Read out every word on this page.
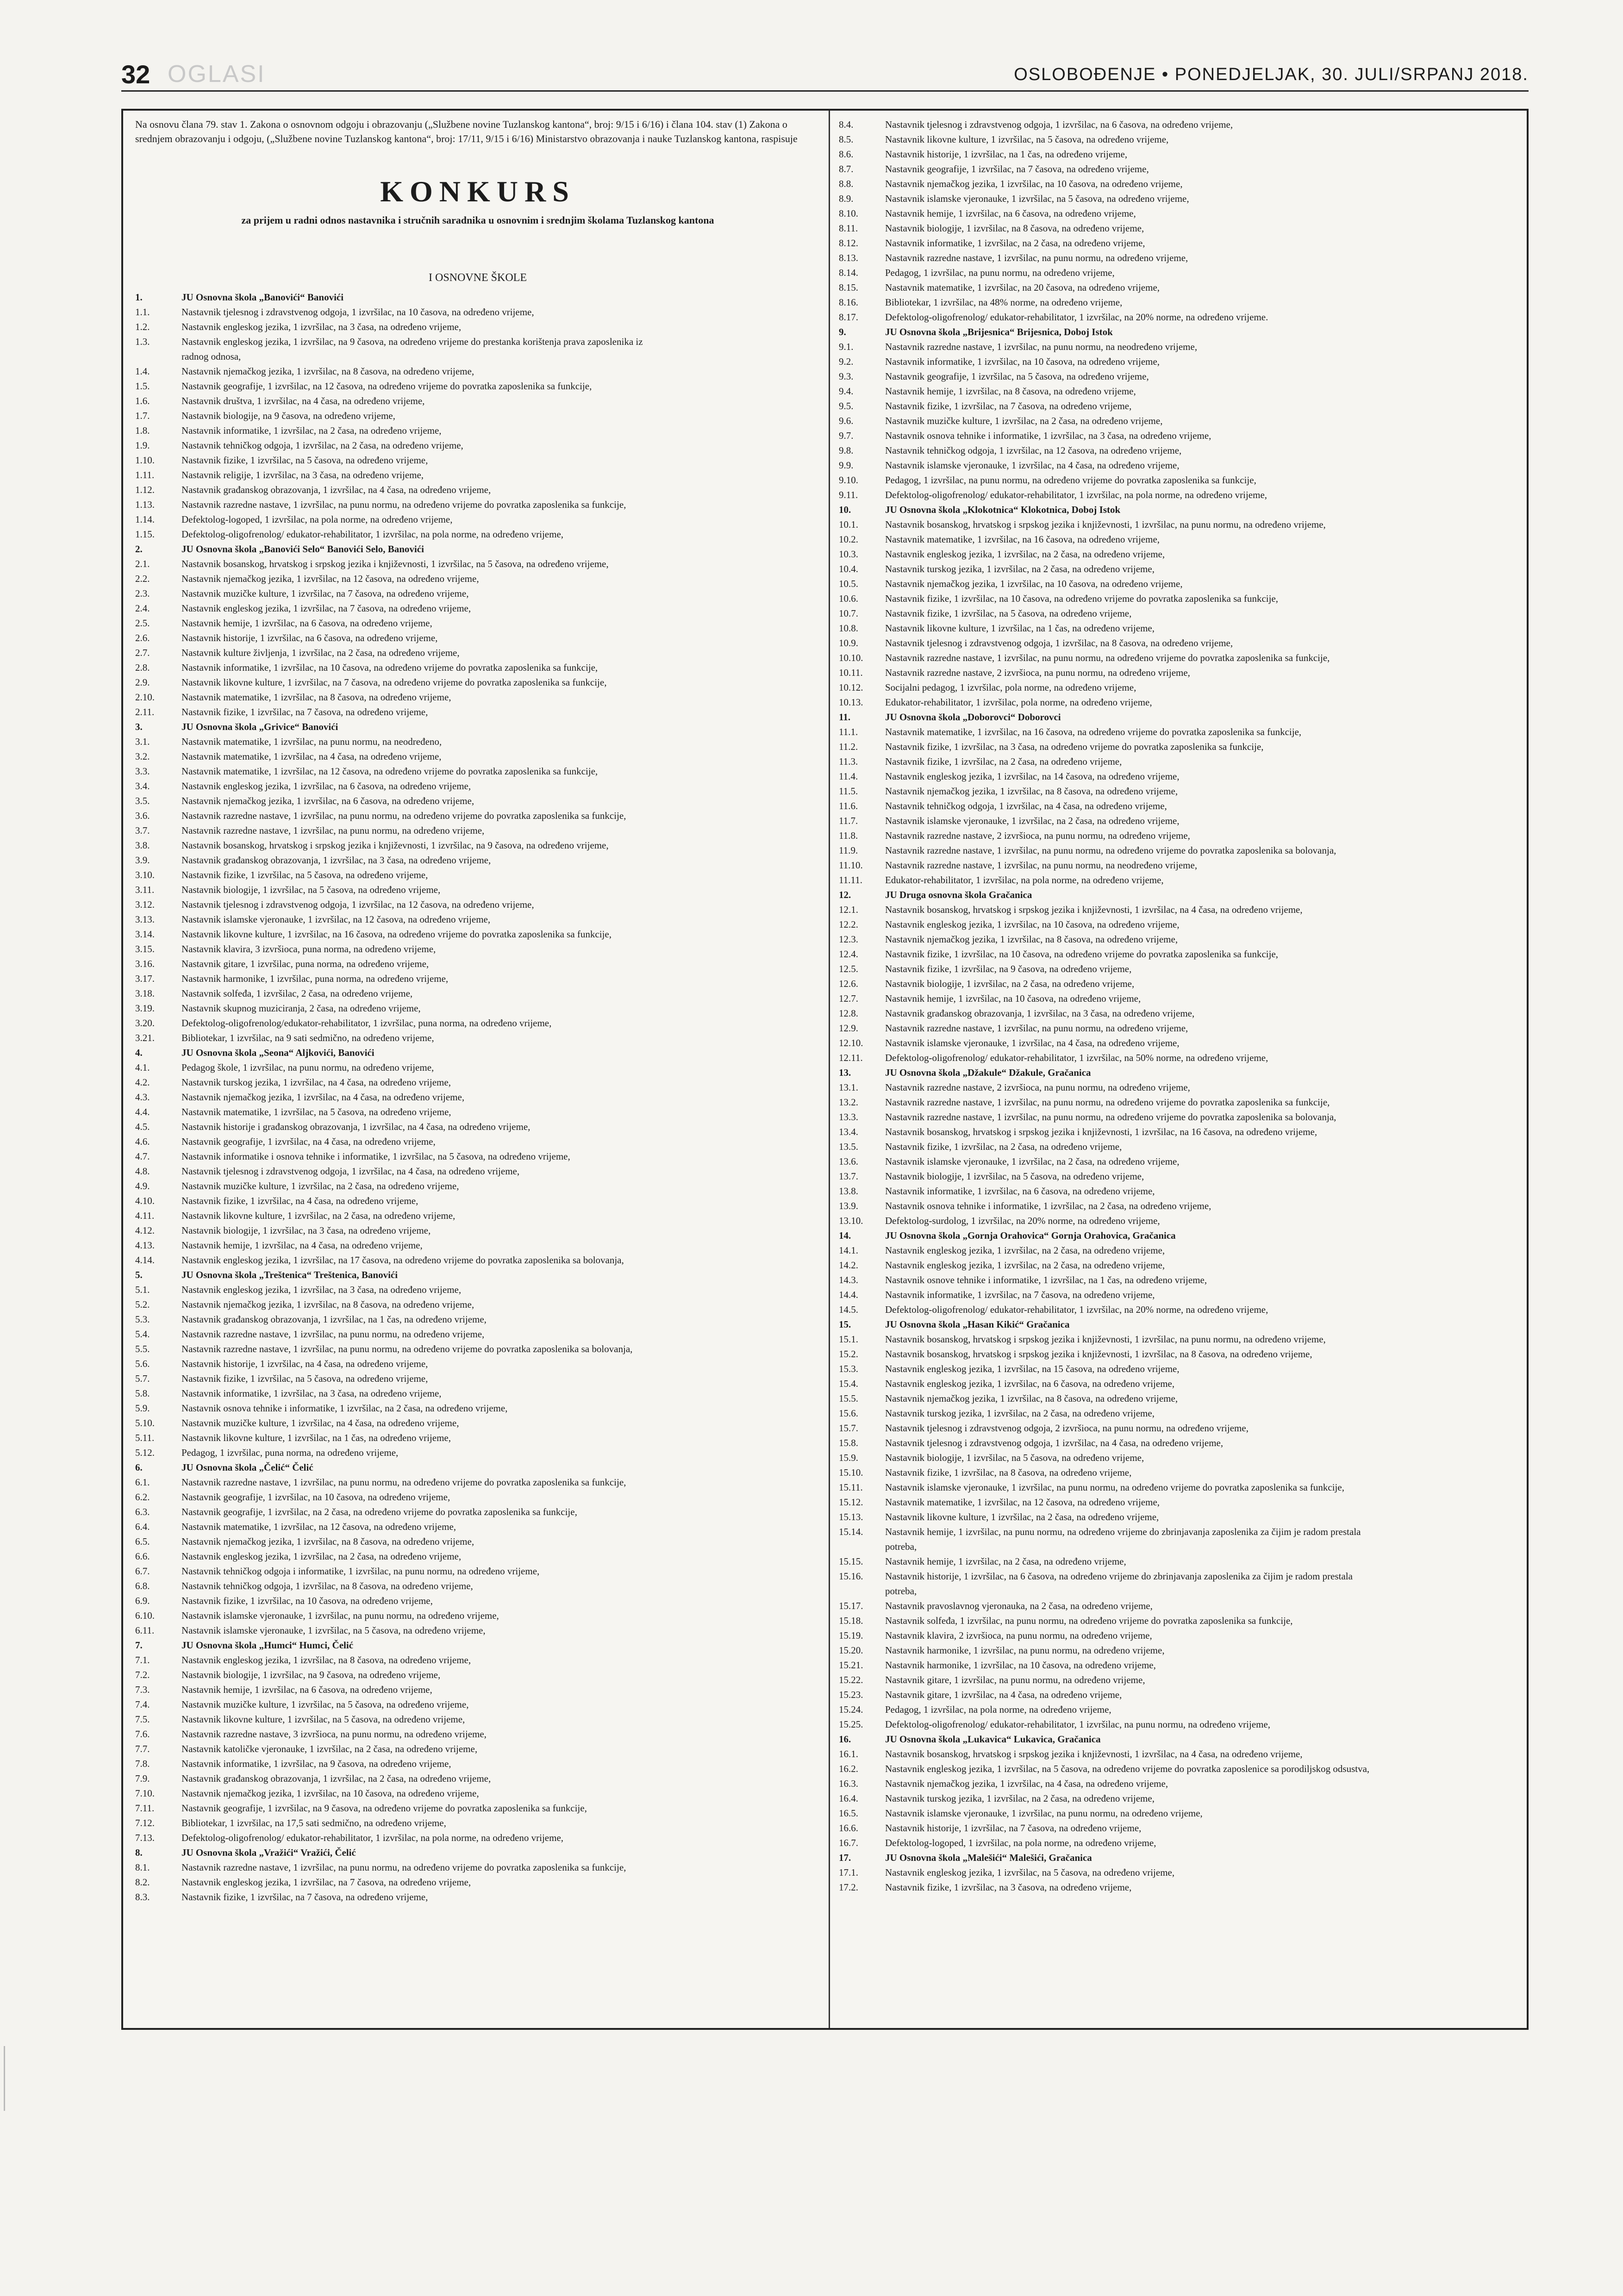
32 OGLASI	OSLOBOĐENJE • PONEDJELJAK, 30. JULI/SRPANJ 2018.

Na osnovu člana 79. stav 1. Zakona o osnovnom odgoju i obrazovanju („Službene novine Tuzlanskog kantona“, broj: 9/15 i 6/16) i člana 104. stav (1) Zakona o srednjem obrazovanju i odgoju, („Službene novine Tuzlanskog kantona“, broj: 17/11, 9/15 i 6/16) Ministarstvo obrazovanja i nauke Tuzlanskog kantona, raspisuje

KONKURS
za prijem u radni odnos nastavnika i stručnih saradnika u osnovnim i srednjim školama Tuzlanskog kantona
I OSNOVNE ŠKOLE
1.	JU Osnovna škola „Banovići“ Banovići
1.1.	Nastavnik tjelesnog i zdravstvenog odgoja, 1 izvršilac, na 10 časova, na određeno vrijeme,
1.2.	Nastavnik engleskog jezika, 1 izvršilac, na 3 časa, na određeno vrijeme,
1.3.	Nastavnik engleskog jezika, 1 izvršilac, na 9 časova, na određeno vrijeme do prestanka korištenja prava zaposlenika iz
radnog odnosa,
1.4.	Nastavnik njemačkog jezika, 1 izvršilac, na 8 časova, na određeno vrijeme,
1.5.	Nastavnik geografije, 1 izvršilac, na 12 časova, na određeno vrijeme do povratka zaposlenika sa funkcije,
1.6.	Nastavnik društva, 1 izvršilac, na 4 časa, na određeno vrijeme,
1.7.	Nastavnik biologije, na 9 časova, na određeno vrijeme,
1.8.	Nastavnik informatike, 1 izvršilac, na 2 časa, na određeno vrijeme,
1.9.	Nastavnik tehničkog odgoja, 1 izvršilac, na 2 časa, na određeno vrijeme,
1.10.	Nastavnik fizike, 1 izvršilac, na 5 časova, na određeno vrijeme,
1.11.	Nastavnik religije, 1 izvršilac, na 3 časa, na određeno vrijeme,
1.12.	Nastavnik građanskog obrazovanja, 1 izvršilac, na 4 časa, na određeno vrijeme,
1.13.	Nastavnik razredne nastave, 1 izvršilac, na punu normu, na određeno vrijeme do povratka zaposlenika sa funkcije,
1.14.	Defektolog-logoped, 1 izvršilac, na pola norme, na određeno vrijeme,
1.15.	Defektolog-oligofrenolog/ edukator-rehabilitator, 1 izvršilac, na pola norme, na određeno vrijeme,
2.	JU Osnovna škola „Banovići Selo“ Banovići Selo, Banovići
2.1.	Nastavnik bosanskog, hrvatskog i srpskog jezika i književnosti, 1 izvršilac, na 5 časova, na određeno vrijeme,
2.2.	Nastavnik njemačkog jezika, 1 izvršilac, na 12 časova, na određeno vrijeme,
2.3.	Nastavnik muzičke kulture, 1 izvršilac, na 7 časova, na određeno vrijeme,
2.4.	Nastavnik engleskog jezika, 1 izvršilac, na 7 časova, na određeno vrijeme,
2.5.	Nastavnik hemije, 1 izvršilac, na 6 časova, na određeno vrijeme,
2.6.	Nastavnik historije, 1 izvršilac, na 6 časova, na određeno vrijeme,
2.7.	Nastavnik kulture življenja, 1 izvršilac, na 2 časa, na određeno vrijeme,
2.8.	Nastavnik informatike, 1 izvršilac, na 10 časova, na određeno vrijeme do povratka zaposlenika sa funkcije,
2.9.	Nastavnik likovne kulture, 1 izvršilac, na 7 časova, na određeno vrijeme do povratka zaposlenika sa funkcije,
2.10.	Nastavnik matematike, 1 izvršilac, na 8 časova, na određeno vrijeme,
2.11.	Nastavnik fizike, 1 izvršilac, na 7 časova, na određeno vrijeme,
3.	JU Osnovna škola „Grivice“ Banovići
3.1.	Nastavnik matematike, 1 izvršilac, na punu normu, na neodređeno,
3.2.	Nastavnik matematike, 1 izvršilac, na 4 časa, na određeno vrijeme,
3.3.	Nastavnik matematike, 1 izvršilac, na 12 časova, na određeno vrijeme do povratka zaposlenika sa funkcije,
3.4.	Nastavnik engleskog jezika, 1 izvršilac, na 6 časova, na određeno vrijeme,
3.5.	Nastavnik njemačkog jezika, 1 izvršilac, na 6 časova, na određeno vrijeme,
3.6.	Nastavnik razredne nastave, 1 izvršilac, na punu normu, na određeno vrijeme do povratka zaposlenika sa funkcije,
3.7.	Nastavnik razredne nastave, 1 izvršilac, na punu normu, na određeno vrijeme,
3.8.	Nastavnik bosanskog, hrvatskog i srpskog jezika i književnosti, 1 izvršilac, na 9 časova, na određeno vrijeme,
3.9.	Nastavnik građanskog obrazovanja, 1 izvršilac, na 3 časa, na određeno vrijeme,
3.10.	Nastavnik fizike, 1 izvršilac, na 5 časova, na određeno vrijeme,
3.11.	Nastavnik biologije, 1 izvršilac, na 5 časova, na određeno vrijeme,
3.12.	Nastavnik tjelesnog i zdravstvenog odgoja, 1 izvršilac, na 12 časova, na određeno vrijeme,
3.13.	Nastavnik islamske vjeronauke, 1 izvršilac, na 12 časova, na određeno vrijeme,
3.14.	Nastavnik likovne kulture, 1 izvršilac, na 16 časova, na određeno vrijeme do povratka zaposlenika sa funkcije,
3.15.	Nastavnik klavira, 3 izvršioca, puna norma, na određeno vrijeme,
3.16.	Nastavnik gitare, 1 izvršilac, puna norma, na određeno vrijeme,
3.17.	Nastavnik harmonike, 1 izvršilac, puna norma, na određeno vrijeme,
3.18.	Nastavnik solfeđa, 1 izvršilac, 2 časa, na određeno vrijeme,
3.19.	Nastavnik skupnog muziciranja, 2 časa, na određeno vrijeme,
3.20.	Defektolog-oligofrenolog/edukator-rehabilitator, 1 izvršilac, puna norma, na određeno vrijeme,
3.21.	Bibliotekar, 1 izvršilac, na 9 sati sedmično, na određeno vrijeme,
4.	JU Osnovna škola „Seona“ Aljkovići, Banovići
4.1.	Pedagog škole, 1 izvršilac, na punu normu, na određeno vrijeme,
4.2.	Nastavnik turskog jezika, 1 izvršilac, na 4 časa, na određeno vrijeme,
4.3.	Nastavnik njemačkog jezika, 1 izvršilac, na 4 časa, na određeno vrijeme,
4.4.	Nastavnik matematike, 1 izvršilac, na 5 časova, na određeno vrijeme,
4.5.	Nastavnik historije i građanskog obrazovanja, 1 izvršilac, na 4 časa, na određeno vrijeme,
4.6.	Nastavnik geografije, 1 izvršilac, na 4 časa, na određeno vrijeme,
4.7.	Nastavnik informatike i osnova tehnike i informatike, 1 izvršilac, na 5 časova, na određeno vrijeme,
4.8.	Nastavnik tjelesnog i zdravstvenog odgoja, 1 izvršilac, na 4 časa, na određeno vrijeme,
4.9.	Nastavnik muzičke kulture, 1 izvršilac, na 2 časa, na određeno vrijeme,
4.10.	Nastavnik fizike, 1 izvršilac, na 4 časa, na određeno vrijeme,
4.11.	Nastavnik likovne kulture, 1 izvršilac, na 2 časa, na određeno vrijeme,
4.12.	Nastavnik biologije, 1 izvršilac, na 3 časa, na određeno vrijeme,
4.13.	Nastavnik hemije, 1 izvršilac, na 4 časa, na određeno vrijeme,
4.14.	Nastavnik engleskog jezika, 1 izvršilac, na 17 časova, na određeno vrijeme do povratka zaposlenika sa bolovanja,
5.	JU Osnovna škola „Treštenica“ Treštenica, Banovići
5.1.	Nastavnik engleskog jezika, 1 izvršilac, na 3 časa, na određeno vrijeme,
5.2.	Nastavnik njemačkog jezika, 1 izvršilac, na 8 časova, na određeno vrijeme,
5.3.	Nastavnik građanskog obrazovanja, 1 izvršilac, na 1 čas, na određeno vrijeme,
5.4.	Nastavnik razredne nastave, 1 izvršilac, na punu normu, na određeno vrijeme,
5.5.	Nastavnik razredne nastave, 1 izvršilac, na punu normu, na određeno vrijeme do povratka zaposlenika sa bolovanja,
5.6.	Nastavnik historije, 1 izvršilac, na 4 časa, na određeno vrijeme,
5.7.	Nastavnik fizike, 1 izvršilac, na 5 časova, na određeno vrijeme,
5.8.	Nastavnik informatike, 1 izvršilac, na 3 časa, na određeno vrijeme,
5.9.	Nastavnik osnova tehnike i informatike, 1 izvršilac, na 2 časa, na određeno vrijeme,
5.10.	Nastavnik muzičke kulture, 1 izvršilac, na 4 časa, na određeno vrijeme,
5.11.	Nastavnik likovne kulture, 1 izvršilac, na 1 čas, na određeno vrijeme,
5.12.	Pedagog, 1 izvršilac, puna norma, na određeno vrijeme,
6.	JU Osnovna škola „Čelić“ Čelić
6.1.	Nastavnik razredne nastave, 1 izvršilac, na punu normu, na određeno vrijeme do povratka zaposlenika sa funkcije,
6.2.	Nastavnik geografije, 1 izvršilac, na 10 časova, na određeno vrijeme,
6.3.	Nastavnik geografije, 1 izvršilac, na 2 časa, na određeno vrijeme do povratka zaposlenika sa funkcije,
6.4.	Nastavnik matematike, 1 izvršilac, na 12 časova, na određeno vrijeme,
6.5.	Nastavnik njemačkog jezika, 1 izvršilac, na 8 časova, na određeno vrijeme,
6.6.	Nastavnik engleskog jezika, 1 izvršilac, na 2 časa, na određeno vrijeme,
6.7.	Nastavnik tehničkog odgoja i informatike, 1 izvršilac, na punu normu, na određeno vrijeme,
6.8.	Nastavnik tehničkog odgoja, 1 izvršilac, na 8 časova, na određeno vrijeme,
6.9.	Nastavnik fizike, 1 izvršilac, na 10 časova, na određeno vrijeme,
6.10.	Nastavnik islamske vjeronauke, 1 izvršilac, na punu normu, na određeno vrijeme,
6.11.	Nastavnik islamske vjeronauke, 1 izvršilac, na 5 časova, na određeno vrijeme,
7.	JU Osnovna škola „Humci“ Humci, Čelić
7.1.	Nastavnik engleskog jezika, 1 izvršilac, na 8 časova, na određeno vrijeme,
7.2.	Nastavnik biologije, 1 izvršilac, na 9 časova, na određeno vrijeme,
7.3.	Nastavnik hemije, 1 izvršilac, na 6 časova, na određeno vrijeme,
7.4.	Nastavnik muzičke kulture, 1 izvršilac, na 5 časova, na određeno vrijeme,
7.5.	Nastavnik likovne kulture, 1 izvršilac, na 5 časova, na određeno vrijeme,
7.6.	Nastavnik razredne nastave, 3 izvršioca, na punu normu, na određeno vrijeme,
7.7.	Nastavnik katoličke vjeronauke, 1 izvršilac, na 2 časa, na određeno vrijeme,
7.8.	Nastavnik informatike, 1 izvršilac, na 9 časova, na određeno vrijeme,
7.9.	Nastavnik građanskog obrazovanja, 1 izvršilac, na 2 časa, na određeno vrijeme,
7.10.	Nastavnik njemačkog jezika, 1 izvršilac, na 10 časova, na određeno vrijeme,
7.11.	Nastavnik geografije, 1 izvršilac, na 9 časova, na određeno vrijeme do povratka zaposlenika sa funkcije,
7.12.	Bibliotekar, 1 izvršilac, na 17,5 sati sedmično, na određeno vrijeme,
7.13.	Defektolog-oligofrenolog/ edukator-rehabilitator, 1 izvršilac, na pola norme, na određeno vrijeme,
8.	JU Osnovna škola „Vražići“ Vražići, Čelić
8.1.	Nastavnik razredne nastave, 1 izvršilac, na punu normu, na određeno vrijeme do povratka zaposlenika sa funkcije,
8.2.	Nastavnik engleskog jezika, 1 izvršilac, na 7 časova, na određeno vrijeme,
8.3.	Nastavnik fizike, 1 izvršilac, na 7 časova, na određeno vrijeme,
8.4.	Nastavnik tjelesnog i zdravstvenog odgoja, 1 izvršilac, na 6 časova, na određeno vrijeme,
8.5.	Nastavnik likovne kulture, 1 izvršilac, na 5 časova, na određeno vrijeme,
8.6.	Nastavnik historije, 1 izvršilac, na 1 čas, na određeno vrijeme,
8.7.	Nastavnik geografije, 1 izvršilac, na 7 časova, na određeno vrijeme,
8.8.	Nastavnik njemačkog jezika, 1 izvršilac, na 10 časova, na određeno vrijeme,
8.9.	Nastavnik islamske vjeronauke, 1 izvršilac, na 5 časova, na određeno vrijeme,
8.10.	Nastavnik hemije, 1 izvršilac, na 6 časova, na određeno vrijeme,
8.11.	Nastavnik biologije, 1 izvršilac, na 8 časova, na određeno vrijeme,
8.12.	Nastavnik informatike, 1 izvršilac, na 2 časa, na određeno vrijeme,
8.13.	Nastavnik razredne nastave, 1 izvršilac, na punu normu, na određeno vrijeme,
8.14.	Pedagog, 1 izvršilac, na punu normu, na određeno vrijeme,
8.15.	Nastavnik matematike, 1 izvršilac, na 20 časova, na određeno vrijeme,
8.16.	Bibliotekar, 1 izvršilac, na 48% norme, na određeno vrijeme,
8.17.	Defektolog-oligofrenolog/ edukator-rehabilitator, 1 izvršilac, na 20% norme, na određeno vrijeme.
9.	JU Osnovna škola „Brijesnica“ Brijesnica, Doboj Istok
9.1.	Nastavnik razredne nastave, 1 izvršilac, na punu normu, na neodređeno vrijeme,
9.2.	Nastavnik informatike, 1 izvršilac, na 10 časova, na određeno vrijeme,
9.3.	Nastavnik geografije, 1 izvršilac, na 5 časova, na određeno vrijeme,
9.4.	Nastavnik hemije, 1 izvršilac, na 8 časova, na određeno vrijeme,
9.5.	Nastavnik fizike, 1 izvršilac, na 7 časova, na određeno vrijeme,
9.6.	Nastavnik muzičke kulture, 1 izvršilac, na 2 časa, na određeno vrijeme,
9.7.	Nastavnik osnova tehnike i informatike, 1 izvršilac, na 3 časa, na određeno vrijeme,
9.8.	Nastavnik tehničkog odgoja, 1 izvršilac, na 12 časova, na određeno vrijeme,
9.9.	Nastavnik islamske vjeronauke, 1 izvršilac, na 4 časa, na određeno vrijeme,
9.10.	Pedagog, 1 izvršilac, na punu normu, na određeno vrijeme do povratka zaposlenika sa funkcije,
9.11.	Defektolog-oligofrenolog/ edukator-rehabilitator, 1 izvršilac, na pola norme, na određeno vrijeme,
10.	JU Osnovna škola „Klokotnica“ Klokotnica, Doboj Istok
10.1.	Nastavnik bosanskog, hrvatskog i srpskog jezika i književnosti, 1 izvršilac, na punu normu, na određeno vrijeme,
10.2.	Nastavnik matematike, 1 izvršilac, na 16 časova, na određeno vrijeme,
10.3.	Nastavnik engleskog jezika, 1 izvršilac, na 2 časa, na određeno vrijeme,
10.4.	Nastavnik turskog jezika, 1 izvršilac, na 2 časa, na određeno vrijeme,
10.5.	Nastavnik njemačkog jezika, 1 izvršilac, na 10 časova, na određeno vrijeme,
10.6.	Nastavnik fizike, 1 izvršilac, na 10 časova, na određeno vrijeme do povratka zaposlenika sa funkcije,
10.7.	Nastavnik fizike, 1 izvršilac, na 5 časova, na određeno vrijeme,
10.8.	Nastavnik likovne kulture, 1 izvršilac, na 1 čas, na određeno vrijeme,
10.9.	Nastavnik tjelesnog i zdravstvenog odgoja, 1 izvršilac, na 8 časova, na određeno vrijeme,
10.10.	Nastavnik razredne nastave, 1 izvršilac, na punu normu, na određeno vrijeme do povratka zaposlenika sa funkcije,
10.11.	Nastavnik razredne nastave, 2 izvršioca, na punu normu, na određeno vrijeme,
10.12.	Socijalni pedagog, 1 izvršilac, pola norme, na određeno vrijeme,
10.13.	Edukator-rehabilitator, 1 izvršilac, pola norme, na određeno vrijeme,
11.	JU Osnovna škola „Doborovci“ Doborovci
11.1.	Nastavnik matematike, 1 izvršilac, na 16 časova, na određeno vrijeme do povratka zaposlenika sa funkcije,
11.2.	Nastavnik fizike, 1 izvršilac, na 3 časa, na određeno vrijeme do povratka zaposlenika sa funkcije,
11.3.	Nastavnik fizike, 1 izvršilac, na 2 časa, na određeno vrijeme,
11.4.	Nastavnik engleskog jezika, 1 izvršilac, na 14 časova, na određeno vrijeme,
11.5.	Nastavnik njemačkog jezika, 1 izvršilac, na 8 časova, na određeno vrijeme,
11.6.	Nastavnik tehničkog odgoja, 1 izvršilac, na 4 časa, na određeno vrijeme,
11.7.	Nastavnik islamske vjeronauke, 1 izvršilac, na 2 časa, na određeno vrijeme,
11.8.	Nastavnik razredne nastave, 2 izvršioca, na punu normu, na određeno vrijeme,
11.9.	Nastavnik razredne nastave, 1 izvršilac, na punu normu, na određeno vrijeme do povratka zaposlenika sa bolovanja,
11.10.	Nastavnik razredne nastave, 1 izvršilac, na punu normu, na neodređeno vrijeme,
11.11.	Edukator-rehabilitator, 1 izvršilac, na pola norme, na određeno vrijeme,
12.	JU Druga osnovna škola Gračanica
12.1.	Nastavnik bosanskog, hrvatskog i srpskog jezika i književnosti, 1 izvršilac, na 4 časa, na određeno vrijeme,
12.2.	Nastavnik engleskog jezika, 1 izvršilac, na 10 časova, na određeno vrijeme,
12.3.	Nastavnik njemačkog jezika, 1 izvršilac, na 8 časova, na određeno vrijeme,
12.4.	Nastavnik fizike, 1 izvršilac, na 10 časova, na određeno vrijeme do povratka zaposlenika sa funkcije,
12.5.	Nastavnik fizike, 1 izvršilac, na 9 časova, na određeno vrijeme,
12.6.	Nastavnik biologije, 1 izvršilac, na 2 časa, na određeno vrijeme,
12.7.	Nastavnik hemije, 1 izvršilac, na 10 časova, na određeno vrijeme,
12.8.	Nastavnik građanskog obrazovanja, 1 izvršilac, na 3 časa, na određeno vrijeme,
12.9.	Nastavnik razredne nastave, 1 izvršilac, na punu normu, na određeno vrijeme,
12.10.	Nastavnik islamske vjeronauke, 1 izvršilac, na 4 časa, na određeno vrijeme,
12.11.	Defektolog-oligofrenolog/ edukator-rehabilitator, 1 izvršilac, na 50% norme, na određeno vrijeme,
13.	JU Osnovna škola „Džakule“ Džakule, Gračanica
13.1.	Nastavnik razredne nastave, 2 izvršioca, na punu normu, na određeno vrijeme,
13.2.	Nastavnik razredne nastave, 1 izvršilac, na punu normu, na određeno vrijeme do povratka zaposlenika sa funkcije,
13.3.	Nastavnik razredne nastave, 1 izvršilac, na punu normu, na određeno vrijeme do povratka zaposlenika sa bolovanja,
13.4.	Nastavnik bosanskog, hrvatskog i srpskog jezika i književnosti, 1 izvršilac, na 16 časova, na određeno vrijeme,
13.5.	Nastavnik fizike, 1 izvršilac, na 2 časa, na određeno vrijeme,
13.6.	Nastavnik islamske vjeronauke, 1 izvršilac, na 2 časa, na određeno vrijeme,
13.7.	Nastavnik biologije, 1 izvršilac, na 5 časova, na određeno vrijeme,
13.8.	Nastavnik informatike, 1 izvršilac, na 6 časova, na određeno vrijeme,
13.9.	Nastavnik osnova tehnike i informatike, 1 izvršilac, na 2 časa, na određeno vrijeme,
13.10.	Defektolog-surdolog, 1 izvršilac, na 20% norme, na određeno vrijeme,
14.	JU Osnovna škola „Gornja Orahovica“ Gornja Orahovica, Gračanica
14.1.	Nastavnik engleskog jezika, 1 izvršilac, na 2 časa, na određeno vrijeme,
14.2.	Nastavnik engleskog jezika, 1 izvršilac, na 2 časa, na određeno vrijeme,
14.3.	Nastavnik osnove tehnike i informatike, 1 izvršilac, na 1 čas, na određeno vrijeme,
14.4.	Nastavnik informatike, 1 izvršilac, na 7 časova, na određeno vrijeme,
14.5.	Defektolog-oligofrenolog/ edukator-rehabilitator, 1 izvršilac, na 20% norme, na određeno vrijeme,
15.	JU Osnovna škola „Hasan Kikić“ Gračanica
15.1.	Nastavnik bosanskog, hrvatskog i srpskog jezika i književnosti, 1 izvršilac, na punu normu, na određeno vrijeme,
15.2.	Nastavnik bosanskog, hrvatskog i srpskog jezika i književnosti, 1 izvršilac, na 8 časova, na određeno vrijeme,
15.3.	Nastavnik engleskog jezika, 1 izvršilac, na 15 časova, na određeno vrijeme,
15.4.	Nastavnik engleskog jezika, 1 izvršilac, na 6 časova, na određeno vrijeme,
15.5.	Nastavnik njemačkog jezika, 1 izvršilac, na 8 časova, na određeno vrijeme,
15.6.	Nastavnik turskog jezika, 1 izvršilac, na 2 časa, na određeno vrijeme,
15.7.	Nastavnik tjelesnog i zdravstvenog odgoja, 2 izvršioca, na punu normu, na određeno vrijeme,
15.8.	Nastavnik tjelesnog i zdravstvenog odgoja, 1 izvršilac, na 4 časa, na određeno vrijeme,
15.9.	Nastavnik biologije, 1 izvršilac, na 5 časova, na određeno vrijeme,
15.10.	Nastavnik fizike, 1 izvršilac, na 8 časova, na određeno vrijeme,
15.11.	Nastavnik islamske vjeronauke, 1 izvršilac, na punu normu, na određeno vrijeme do povratka zaposlenika sa funkcije,
15.12.	Nastavnik matematike, 1 izvršilac, na 12 časova, na određeno vrijeme,
15.13.	Nastavnik likovne kulture, 1 izvršilac, na 2 časa, na određeno vrijeme,
15.14.	Nastavnik hemije, 1 izvršilac, na punu normu, na određeno vrijeme do zbrinjavanja zaposlenika za čijim je radom prestala
potreba,
15.15.	Nastavnik hemije, 1 izvršilac, na 2 časa, na određeno vrijeme,
15.16.	Nastavnik historije, 1 izvršilac, na 6 časova, na određeno vrijeme do zbrinjavanja zaposlenika za čijim je radom prestala
potreba,
15.17.	Nastavnik pravoslavnog vjeronauka, na 2 časa, na određeno vrijeme,
15.18.	Nastavnik solfeđa, 1 izvršilac, na punu normu, na određeno vrijeme do povratka zaposlenika sa funkcije,
15.19.	Nastavnik klavira, 2 izvršioca, na punu normu, na određeno vrijeme,
15.20.	Nastavnik harmonike, 1 izvršilac, na punu normu, na određeno vrijeme,
15.21.	Nastavnik harmonike, 1 izvršilac, na 10 časova, na određeno vrijeme,
15.22.	Nastavnik gitare, 1 izvršilac, na punu normu, na određeno vrijeme,
15.23.	Nastavnik gitare, 1 izvršilac, na 4 časa, na određeno vrijeme,
15.24.	Pedagog, 1 izvršilac, na pola norme, na određeno vrijeme,
15.25.	Defektolog-oligofrenolog/ edukator-rehabilitator, 1 izvršilac, na punu normu, na određeno vrijeme,
16.	JU Osnovna škola „Lukavica“ Lukavica, Gračanica
16.1.	Nastavnik bosanskog, hrvatskog i srpskog jezika i književnosti, 1 izvršilac, na 4 časa, na određeno vrijeme,
16.2.	Nastavnik engleskog jezika, 1 izvršilac, na 5 časova, na određeno vrijeme do povratka zaposlenice sa porodiljskog odsustva,
16.3.	Nastavnik njemačkog jezika, 1 izvršilac, na 4 časa, na određeno vrijeme,
16.4.	Nastavnik turskog jezika, 1 izvršilac, na 2 časa, na određeno vrijeme,
16.5.	Nastavnik islamske vjeronauke, 1 izvršilac, na punu normu, na određeno vrijeme,
16.6.	Nastavnik historije, 1 izvršilac, na 7 časova, na određeno vrijeme,
16.7.	Defektolog-logoped, 1 izvršilac, na pola norme, na određeno vrijeme,
17.	JU Osnovna škola „Malešići“ Malešići, Gračanica
17.1.	Nastavnik engleskog jezika, 1 izvršilac, na 5 časova, na određeno vrijeme,
17.2.	Nastavnik fizike, 1 izvršilac, na 3 časova, na određeno vrijeme,
